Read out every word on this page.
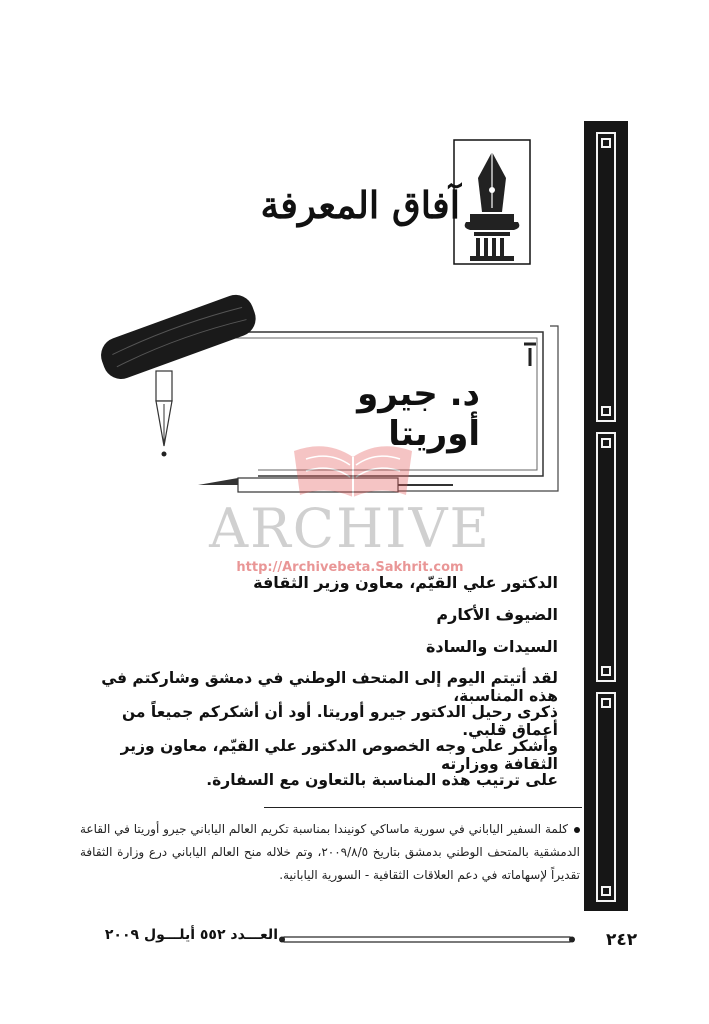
آفاق المعرفة
د. جيرو أوريتا
ARCHIVE
http://Archivebeta.Sakhrit.com
الدكتور علي القيّم، معاون وزير الثقافة
الضيوف الأكارم
السيدات والسادة
لقد أتيتم اليوم إلى المتحف الوطني في دمشق وشاركتم في هذه المناسبة،
ذكرى رحيل الدكتور جيرو أوريتا. أود أن أشكركم جميعاً من أعماق قلبي.
وأشكر على وجه الخصوص الدكتور علي القيّم، معاون وزير الثقافة ووزارته
على ترتيب هذه المناسبة بالتعاون مع السفارة.
كلمة السفير الياباني في سورية ماساكي كونيندا بمناسبة تكريم العالم الياباني جيرو أوريتا في القاعة الدمشقية بالمتحف الوطني بدمشق بتاريخ ٢٠٠٩/٨/٥، وتم خلاله منح العالم الياباني درع وزارة الثقافة تقديراً لإسهاماته في دعم العلاقات الثقافية - السورية اليابانية.
٢٤٢
العـــدد ٥٥٢ أيلـــول ٢٠٠٩
